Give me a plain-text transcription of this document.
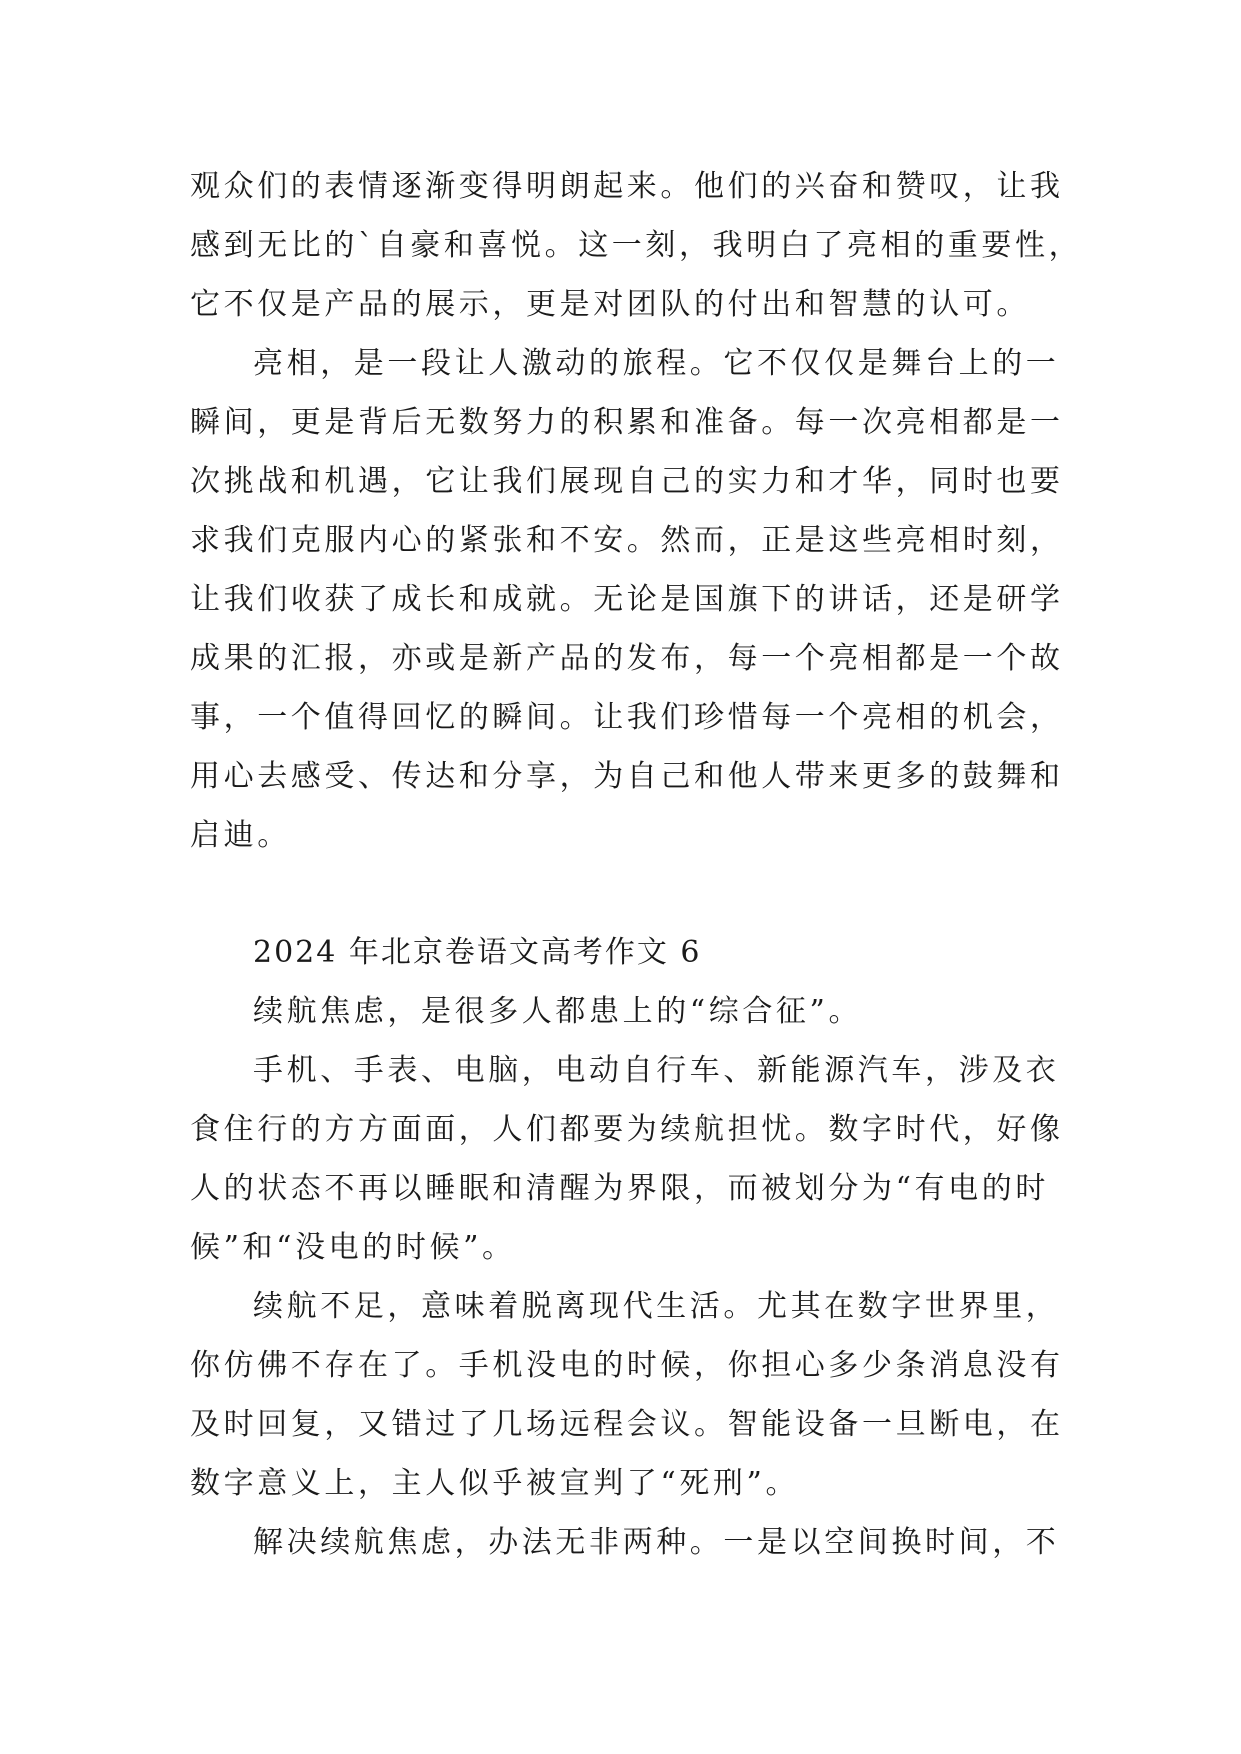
观众们的表情逐渐变得明朗起来。他们的兴奋和赞叹，让我
感到无比的`自豪和喜悦。这一刻，我明白了亮相的重要性，
它不仅是产品的展示，更是对团队的付出和智慧的认可。
亮相，是一段让人激动的旅程。它不仅仅是舞台上的一
瞬间，更是背后无数努力的积累和准备。每一次亮相都是一
次挑战和机遇，它让我们展现自己的实力和才华，同时也要
求我们克服内心的紧张和不安。然而，正是这些亮相时刻，
让我们收获了成长和成就。无论是国旗下的讲话，还是研学
成果的汇报，亦或是新产品的发布，每一个亮相都是一个故
事，一个值得回忆的瞬间。让我们珍惜每一个亮相的机会，
用心去感受、传达和分享，为自己和他人带来更多的鼓舞和
启迪。
2024 年北京卷语文高考作文 6
续航焦虑，是很多人都患上的“综合征”。
手机、手表、电脑，电动自行车、新能源汽车，涉及衣
食住行的方方面面，人们都要为续航担忧。数字时代，好像
人的状态不再以睡眠和清醒为界限，而被划分为“有电的时
候”和“没电的时候”。
续航不足，意味着脱离现代生活。尤其在数字世界里，
你仿佛不存在了。手机没电的时候，你担心多少条消息没有
及时回复，又错过了几场远程会议。智能设备一旦断电，在
数字意义上，主人似乎被宣判了“死刑”。
解决续航焦虑，办法无非两种。一是以空间换时间，不
